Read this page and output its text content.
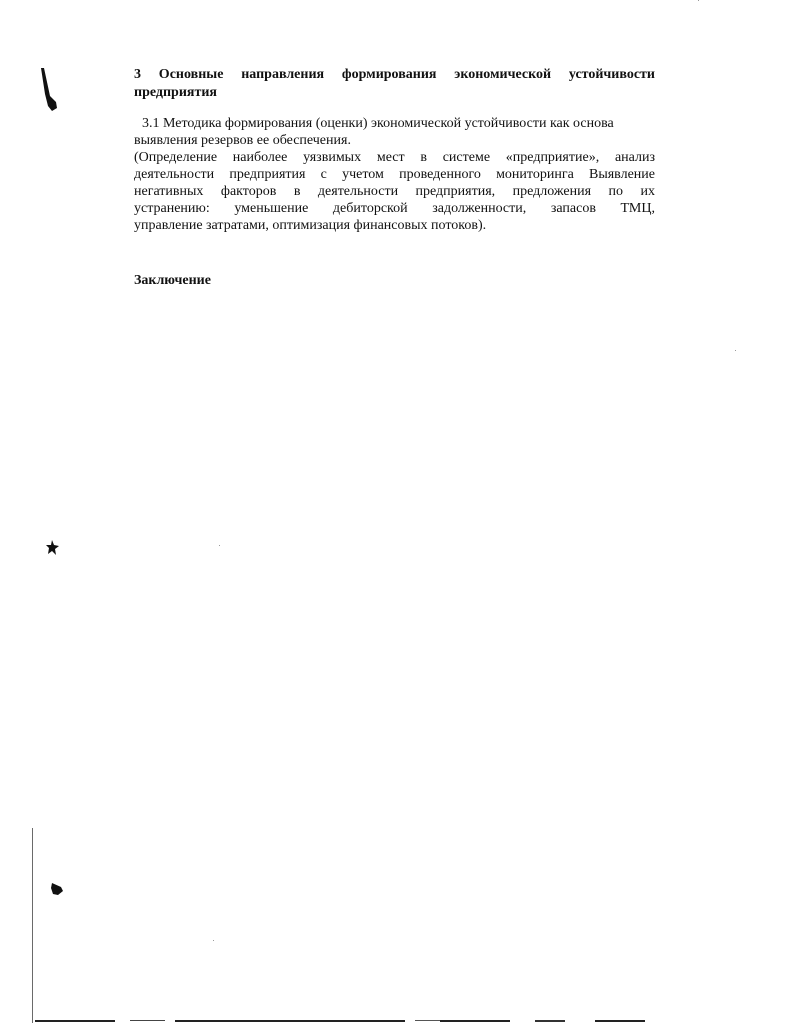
3 Основные направления формирования экономической устойчивости
предприятия
3.1 Методика формирования (оценки) экономической устойчивости как основа
выявления резервов ее обеспечения.

(Определение наиболее уязвимых мест в системе «предприятие», анализ
деятельности предприятия с учетом проведенного мониторинга Выявление
негативных факторов в деятельности предприятия, предложения по их
устранению: уменьшение дебиторской задолженности, запасов ТМЦ,
управление затратами, оптимизация финансовых потоков).

Заключение
